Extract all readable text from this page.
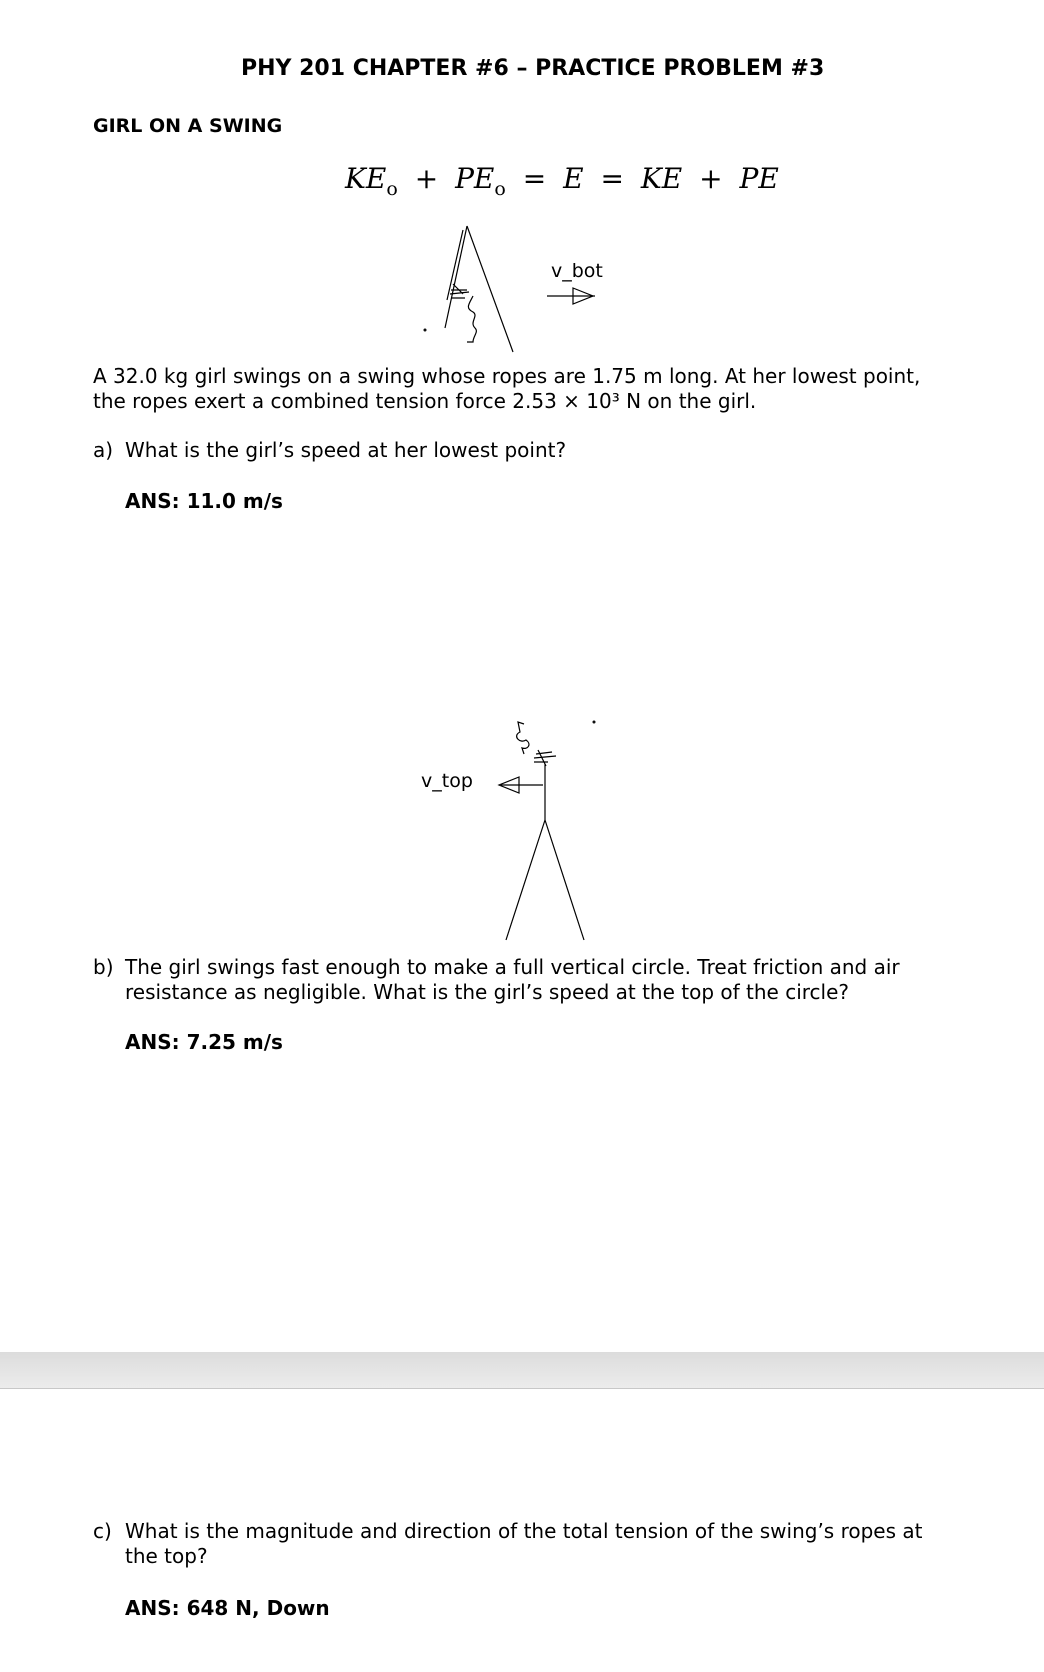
PHY 201 CHAPTER #6 – PRACTICE PROBLEM #3
GIRL ON A SWING
$KE_o + PE_o = E$ = KE + PE
v_bot
A 32.0 kg girl swings on a swing whose ropes are 1.75 m long. At her lowest point, the ropes exert a combined tension force 2.53 × 10³ N on the girl.
a) What is the girl’s speed at her lowest point?
ANS: 11.0 m/s
v_top
b) The girl swings fast enough to make a full vertical circle. Treat friction and air resistance as negligible. What is the girl’s speed at the top of the circle?
ANS: 7.25 m/s
c) What is the magnitude and direction of the total tension of the swing’s ropes at the top?
ANS: 648 N, Down
